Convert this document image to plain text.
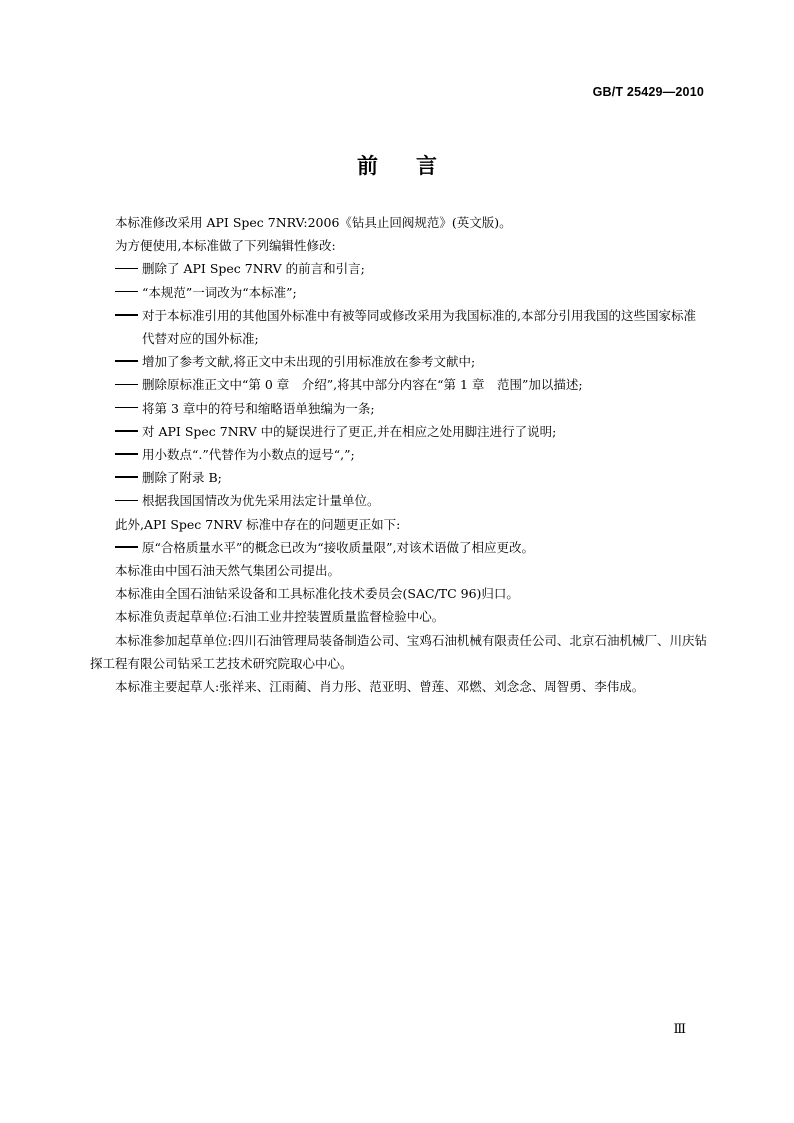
GB/T 25429—2010
前 言

本标准修改采用 API Spec 7NRV:2006《钻具止回阀规范》(英文版)。

为方便使用,本标准做了下列编辑性修改:

删除了 API Spec 7NRV 的前言和引言;

“本规范”一词改为“本标准”;

对于本标准引用的其他国外标准中有被等同或修改采用为我国标准的,本部分引用我国的这些国家标准代替对应的国外标准;

增加了参考文献,将正文中未出现的引用标准放在参考文献中;

删除原标准正文中“第 0 章　介绍”,将其中部分内容在“第 1 章　范围”加以描述;

将第 3 章中的符号和缩略语单独编为一条;

对 API Spec 7NRV 中的疑误进行了更正,并在相应之处用脚注进行了说明;

用小数点“.”代替作为小数点的逗号“,”;

删除了附录 B;

根据我国国情改为优先采用法定计量单位。

此外,API Spec 7NRV 标准中存在的问题更正如下:

原“合格质量水平”的概念已改为“接收质量限”,对该术语做了相应更改。

本标准由中国石油天然气集团公司提出。

本标准由全国石油钻采设备和工具标准化技术委员会(SAC/TC 96)归口。

本标准负责起草单位:石油工业井控装置质量监督检验中心。

本标准参加起草单位:四川石油管理局装备制造公司、宝鸡石油机械有限责任公司、北京石油机械厂、川庆钻探工程有限公司钻采工艺技术研究院取心中心。

本标准主要起草人:张祥来、江雨蔺、肖力彤、范亚明、曾莲、邓燃、刘念念、周智勇、李伟成。

Ⅲ
